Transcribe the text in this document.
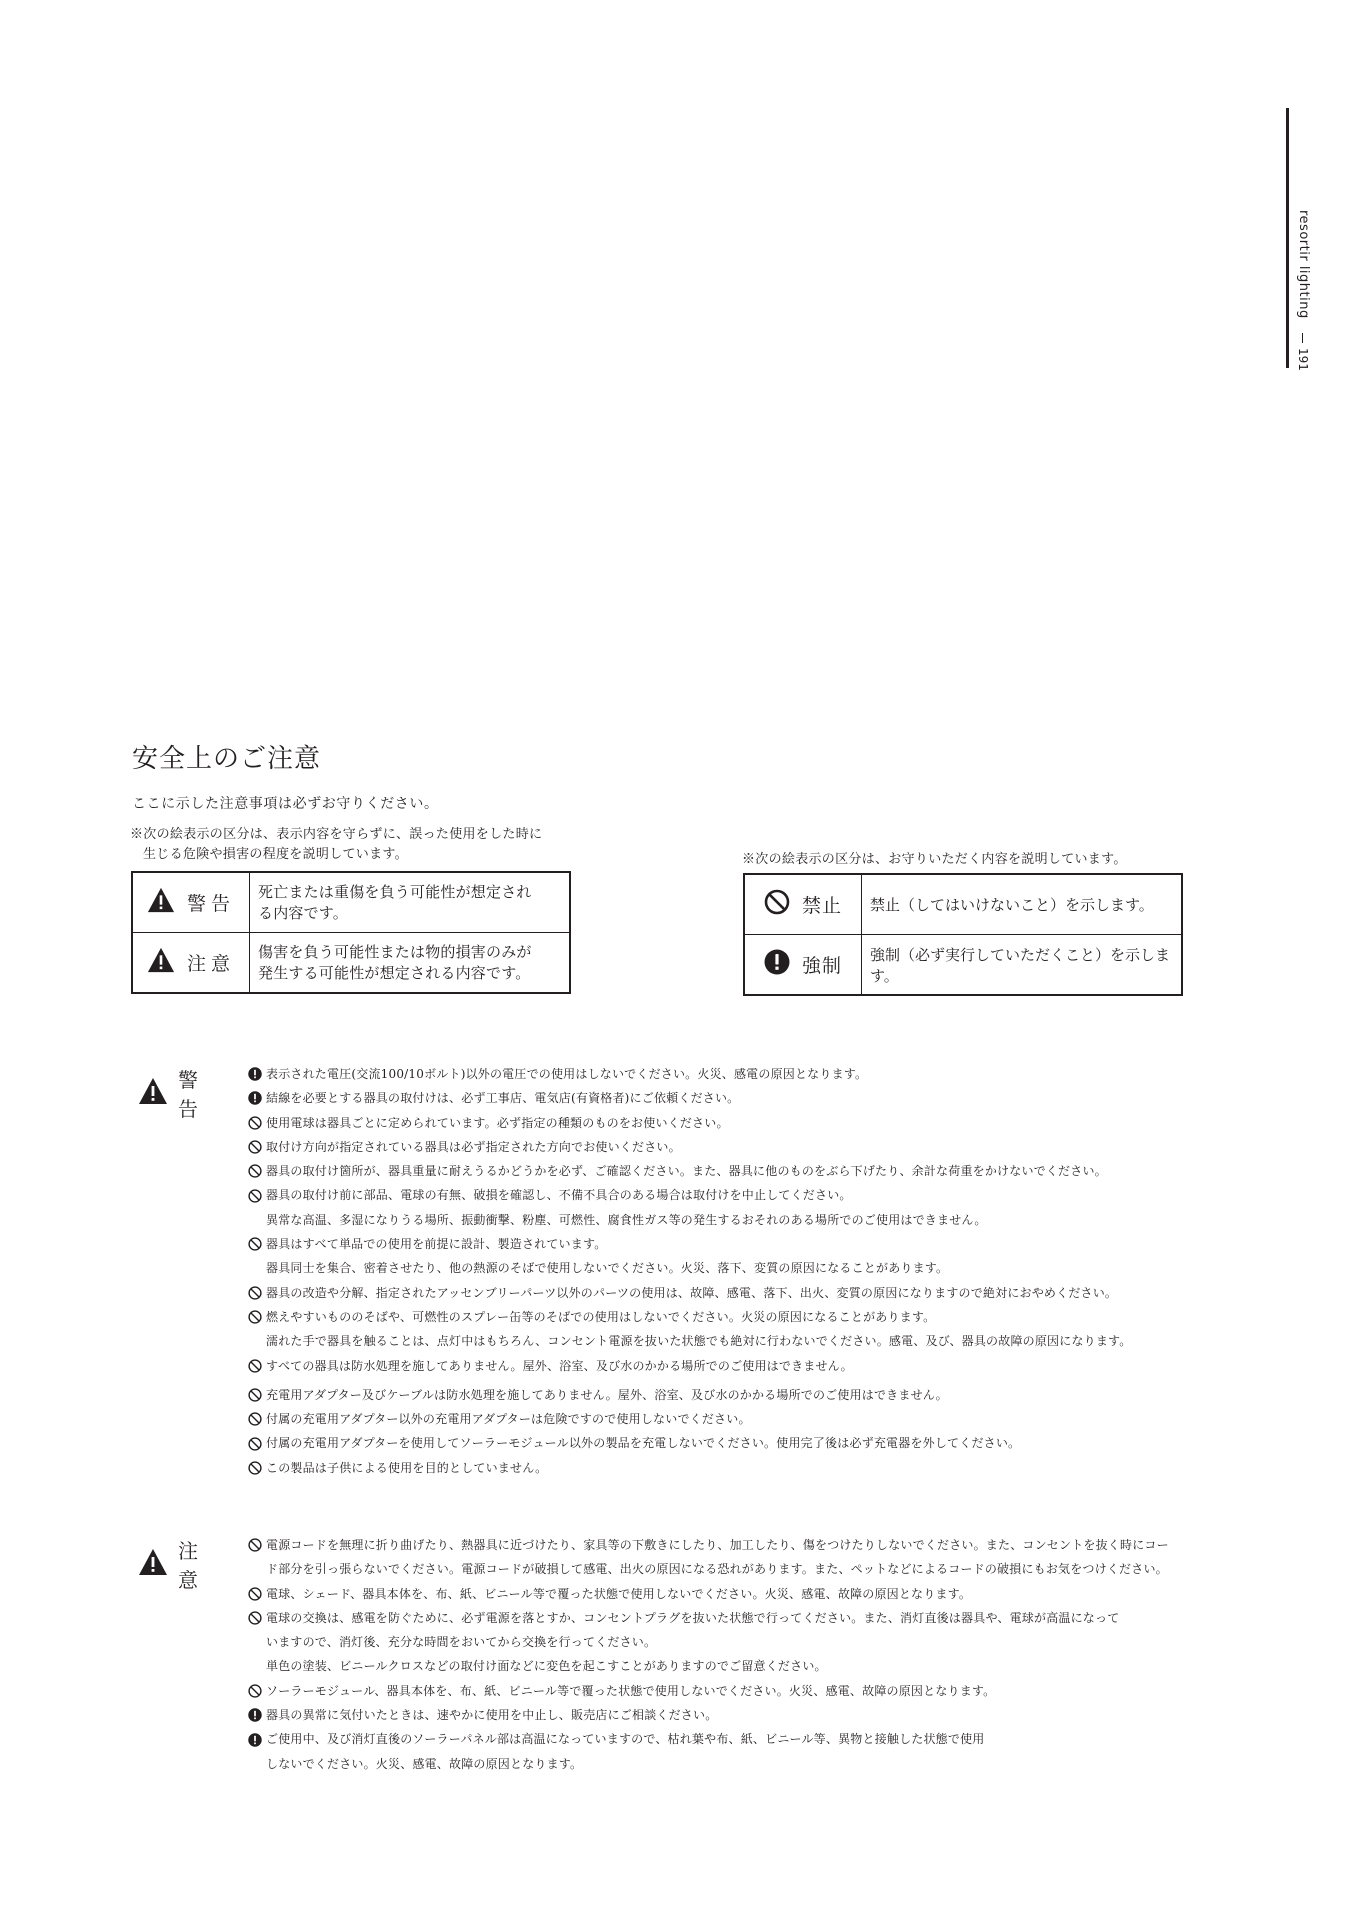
resortir lighting
191
安全上のご注意
ここに示した注意事項は必ずお守りください。
※次の絵表示の区分は、表示内容を守らずに、誤った使用をした時に
生じる危険や損害の程度を説明しています。	※次の絵表示の区分は、お守りいただく内容を説明しています。
警告	死亡または重傷を負う可能性が想定され
る内容です。

注意	傷害を負う可能性または物的損害のみが
発生する可能性が想定される内容です。
禁止	禁止（してはいけないこと）を示します。

強制	強制（必ず実行していただくこと）を示します。
警告
表示された電圧(交流100/10ボルト)以外の電圧での使用はしないでください。火災、感電の原因となります。
結線を必要とする器具の取付けは、必ず工事店、電気店(有資格者)にご依頼ください。
使用電球は器具ごとに定められています。必ず指定の種類のものをお使いください。
取付け方向が指定されている器具は必ず指定された方向でお使いください。
器具の取付け箇所が、器具重量に耐えうるかどうかを必ず、ご確認ください。また、器具に他のものをぶら下げたり、余計な荷重をかけないでください。
器具の取付け前に部品、電球の有無、破損を確認し、不備不具合のある場合は取付けを中止してください。
異常な高温、多湿になりうる場所、振動衝撃、粉塵、可燃性、腐食性ガス等の発生するおそれのある場所でのご使用はできません。
器具はすべて単品での使用を前提に設計、製造されています。
器具同士を集合、密着させたり、他の熱源のそばで使用しないでください。火災、落下、変質の原因になることがあります。
器具の改造や分解、指定されたアッセンブリーパーツ以外のパーツの使用は、故障、感電、落下、出火、変質の原因になりますので絶対におやめください。
燃えやすいもののそばや、可燃性のスプレー缶等のそばでの使用はしないでください。火災の原因になることがあります。
濡れた手で器具を触ることは、点灯中はもちろん、コンセント電源を抜いた状態でも絶対に行わないでください。感電、及び、器具の故障の原因になります。
すべての器具は防水処理を施してありません。屋外、浴室、及び水のかかる場所でのご使用はできません。
充電用アダプター及びケーブルは防水処理を施してありません。屋外、浴室、及び水のかかる場所でのご使用はできません。
付属の充電用アダプター以外の充電用アダプターは危険ですので使用しないでください。
付属の充電用アダプターを使用してソーラーモジュール以外の製品を充電しないでください。使用完了後は必ず充電器を外してください。
この製品は子供による使用を目的としていません。
注意
電源コードを無理に折り曲げたり、熱器具に近づけたり、家具等の下敷きにしたり、加工したり、傷をつけたりしないでください。また、コンセントを抜く時にコー
ド部分を引っ張らないでください。電源コードが破損して感電、出火の原因になる恐れがあります。また、ペットなどによるコードの破損にもお気をつけください。
電球、シェード、器具本体を、布、紙、ビニール等で覆った状態で使用しないでください。火災、感電、故障の原因となります。
電球の交換は、感電を防ぐために、必ず電源を落とすか、コンセントプラグを抜いた状態で行ってください。また、消灯直後は器具や、電球が高温になって
いますので、消灯後、充分な時間をおいてから交換を行ってください。
単色の塗装、ビニールクロスなどの取付け面などに変色を起こすことがありますのでご留意ください。
ソーラーモジュール、器具本体を、布、紙、ビニール等で覆った状態で使用しないでください。火災、感電、故障の原因となります。
器具の異常に気付いたときは、速やかに使用を中止し、販売店にご相談ください。
ご使用中、及び消灯直後のソーラーパネル部は高温になっていますので、枯れ葉や布、紙、ビニール等、異物と接触した状態で使用
しないでください。火災、感電、故障の原因となります。
